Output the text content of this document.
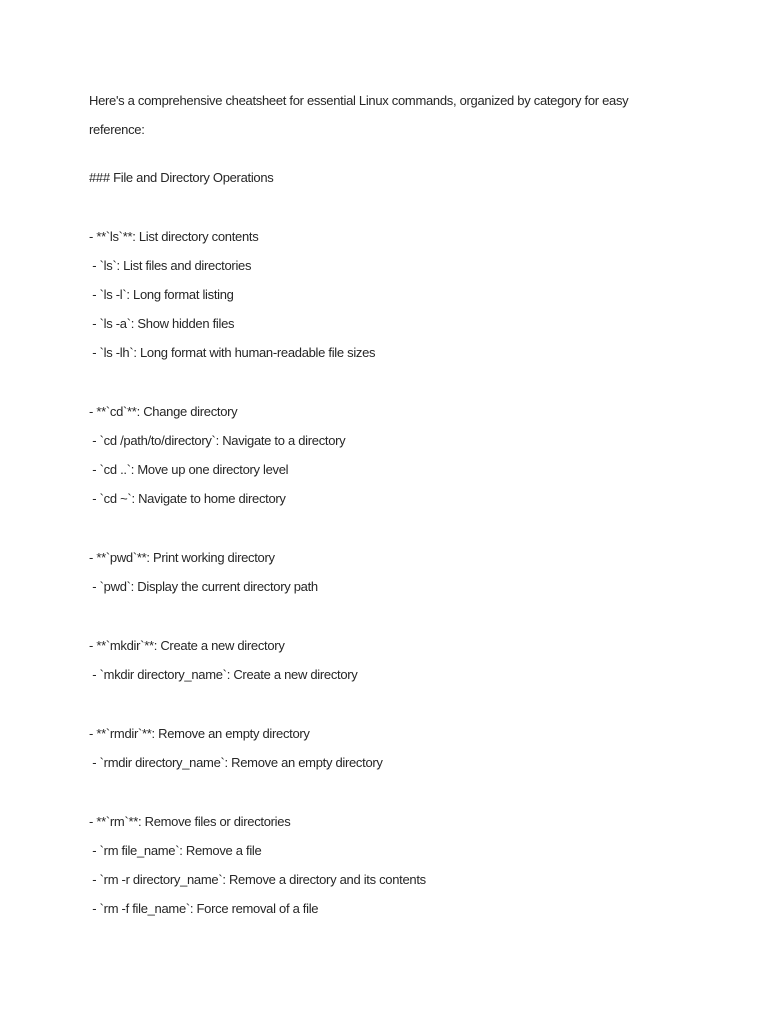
Here's a comprehensive cheatsheet for essential Linux commands, organized by category for easy
reference:
### File and Directory Operations
- **`ls`**: List directory contents
- `ls`: List files and directories
- `ls -l`: Long format listing
- `ls -a`: Show hidden files
- `ls -lh`: Long format with human-readable file sizes
- **`cd`**: Change directory
- `cd /path/to/directory`: Navigate to a directory
- `cd ..`: Move up one directory level
- `cd ~`: Navigate to home directory
- **`pwd`**: Print working directory
- `pwd`: Display the current directory path
- **`mkdir`**: Create a new directory
- `mkdir directory_name`: Create a new directory
- **`rmdir`**: Remove an empty directory
- `rmdir directory_name`: Remove an empty directory
- **`rm`**: Remove files or directories
- `rm file_name`: Remove a file
- `rm -r directory_name`: Remove a directory and its contents
- `rm -f file_name`: Force removal of a file
